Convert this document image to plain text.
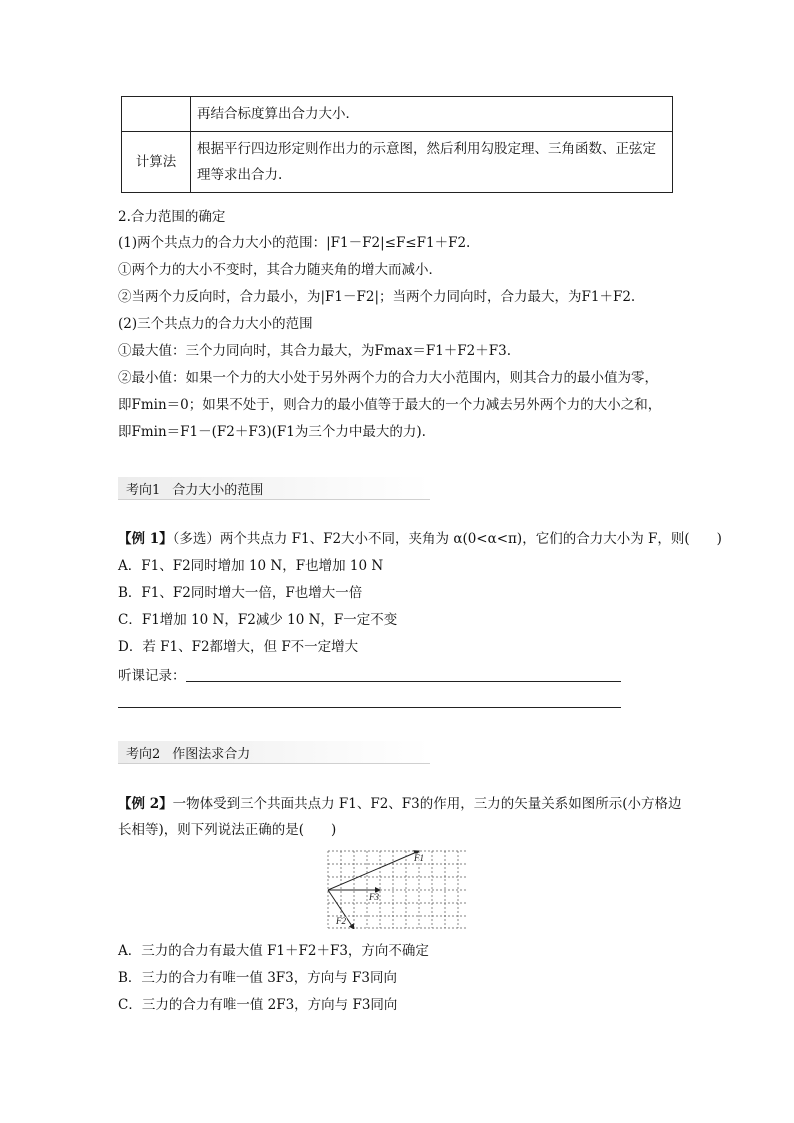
	再结合标度算出合力大小．
计算法	根据平行四边形定则作出力的示意图，然后利用勾股定理、三角函数、正弦定理等求出合力.
2.合力范围的确定
(1)两个共点力的合力大小的范围：|F1－F2|≤F≤F1＋F2.
①两个力的大小不变时，其合力随夹角的增大而减小．
②当两个力反向时，合力最小，为|F1－F2|；当两个力同向时，合力最大，为F1＋F2.
(2)三个共点力的合力大小的范围
①最大值：三个力同向时，其合力最大，为Fmax＝F1＋F2＋F3.
②最小值：如果一个力的大小处于另外两个力的合力大小范围内，则其合力的最小值为零，
即Fmin＝0；如果不处于，则合力的最小值等于最大的一个力减去另外两个力的大小之和，
即Fmin＝F1－(F2＋F3)(F1为三个力中最大的力).
考向1 合力大小的范围
【例 1】（多选）两个共点力 F1、F2大小不同，夹角为 α(0<α<π)，它们的合力大小为 F，则(　　)
A．F1、F2同时增加 10 N，F也增加 10 N
B．F1、F2同时增大一倍，F也增大一倍
C．F1增加 10 N，F2减少 10 N，F一定不变
D．若 F1、F2都增大，但 F不一定增大
听课记录：
考向2 作图法求合力
【例 2】一物体受到三个共面共点力 F1、F2、F3的作用，三力的矢量关系如图所示(小方格边
长相等)，则下列说法正确的是(　　)
F1
F3
F2
A．三力的合力有最大值 F1＋F2＋F3，方向不确定
B．三力的合力有唯一值 3F3，方向与 F3同向
C．三力的合力有唯一值 2F3，方向与 F3同向
